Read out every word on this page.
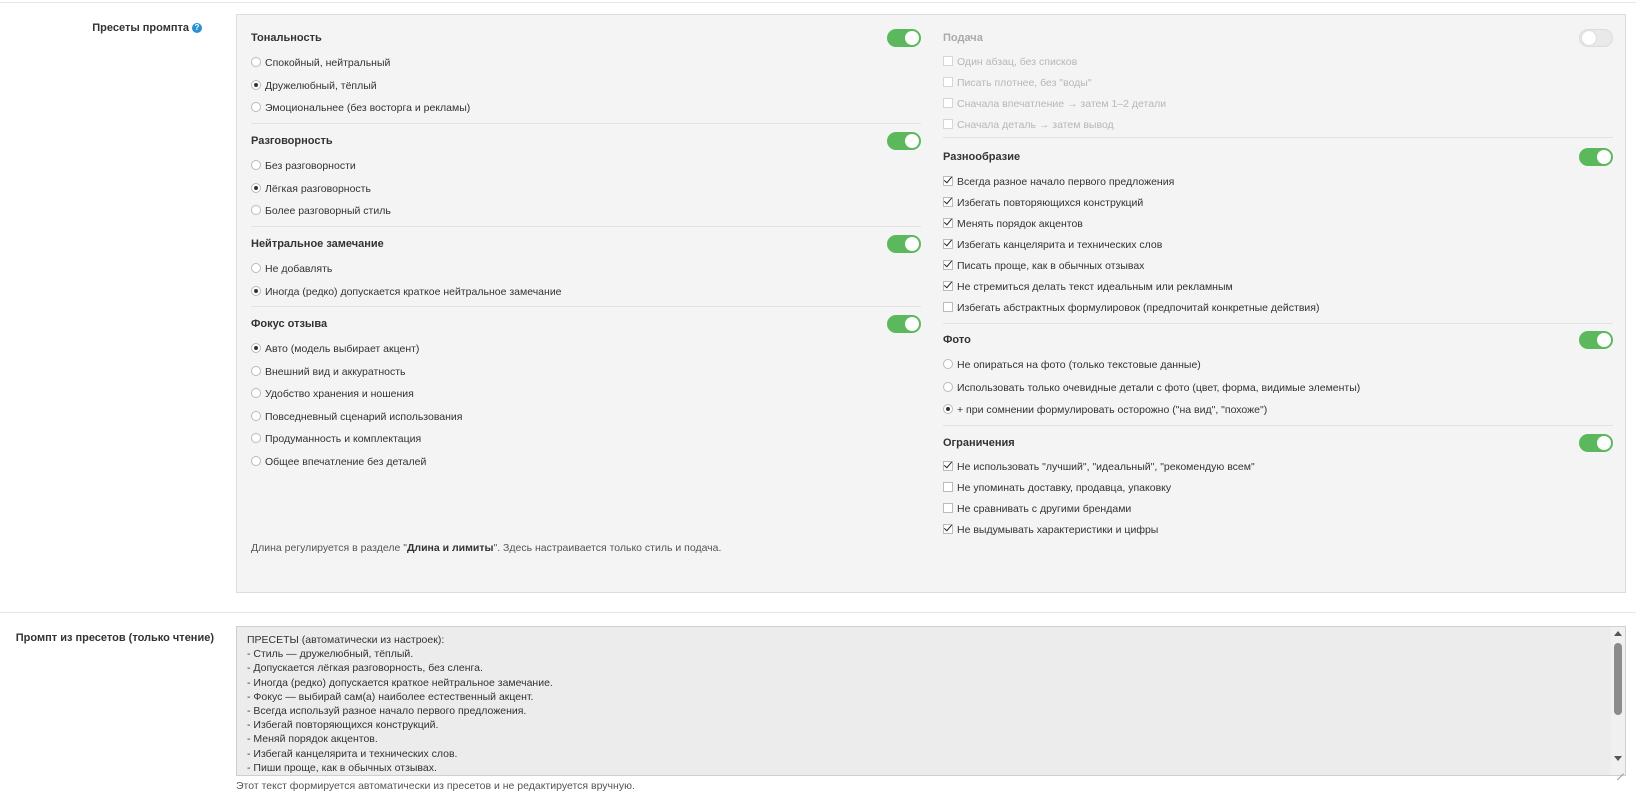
Пресеты промпта ?
Тональность
Спокойный, нейтральный
Дружелюбный, тёплый
Эмоциональнее (без восторга и рекламы)
Разговорность
Без разговорности
Лёгкая разговорность
Более разговорный стиль
Нейтральное замечание
Не добавлять
Иногда (редко) допускается краткое нейтральное замечание
Фокус отзыва
Авто (модель выбирает акцент)
Внешний вид и аккуратность
Удобство хранения и ношения
Повседневный сценарий использования
Продуманность и комплектация
Общее впечатление без деталей
Подача
Один абзац, без списков
Писать плотнее, без "воды"
Сначала впечатление → затем 1–2 детали
Сначала деталь → затем вывод
Разнообразие
Всегда разное начало первого предложения
Избегать повторяющихся конструкций
Менять порядок акцентов
Избегать канцелярита и технических слов
Писать проще, как в обычных отзывах
Не стремиться делать текст идеальным или рекламным
Избегать абстрактных формулировок (предпочитай конкретные действия)
Фото
Не опираться на фото (только текстовые данные)
Использовать только очевидные детали с фото (цвет, форма, видимые элементы)
+ при сомнении формулировать осторожно ("на вид", "похоже")
Ограничения
Не использовать "лучший", "идеальный", "рекомендую всем"
Не упоминать доставку, продавца, упаковку
Не сравнивать с другими брендами
Не выдумывать характеристики и цифры
Длина регулируется в разделе "Длина и лимиты". Здесь настраивается только стиль и подача.
Промпт из пресетов (только чтение)	ПРЕСЕТЫ (автоматически из настроек):
- Стиль — дружелюбный, тёплый.
- Допускается лёгкая разговорность, без сленга.
- Иногда (редко) допускается краткое нейтральное замечание.
- Фокус — выбирай сам(а) наиболее естественный акцент.
- Всегда используй разное начало первого предложения.
- Избегай повторяющихся конструкций.
- Меняй порядок акцентов.
- Избегай канцелярита и технических слов.
- Пиши проще, как в обычных отзывах.

Этот текст формируется автоматически из пресетов и не редактируется вручную.
